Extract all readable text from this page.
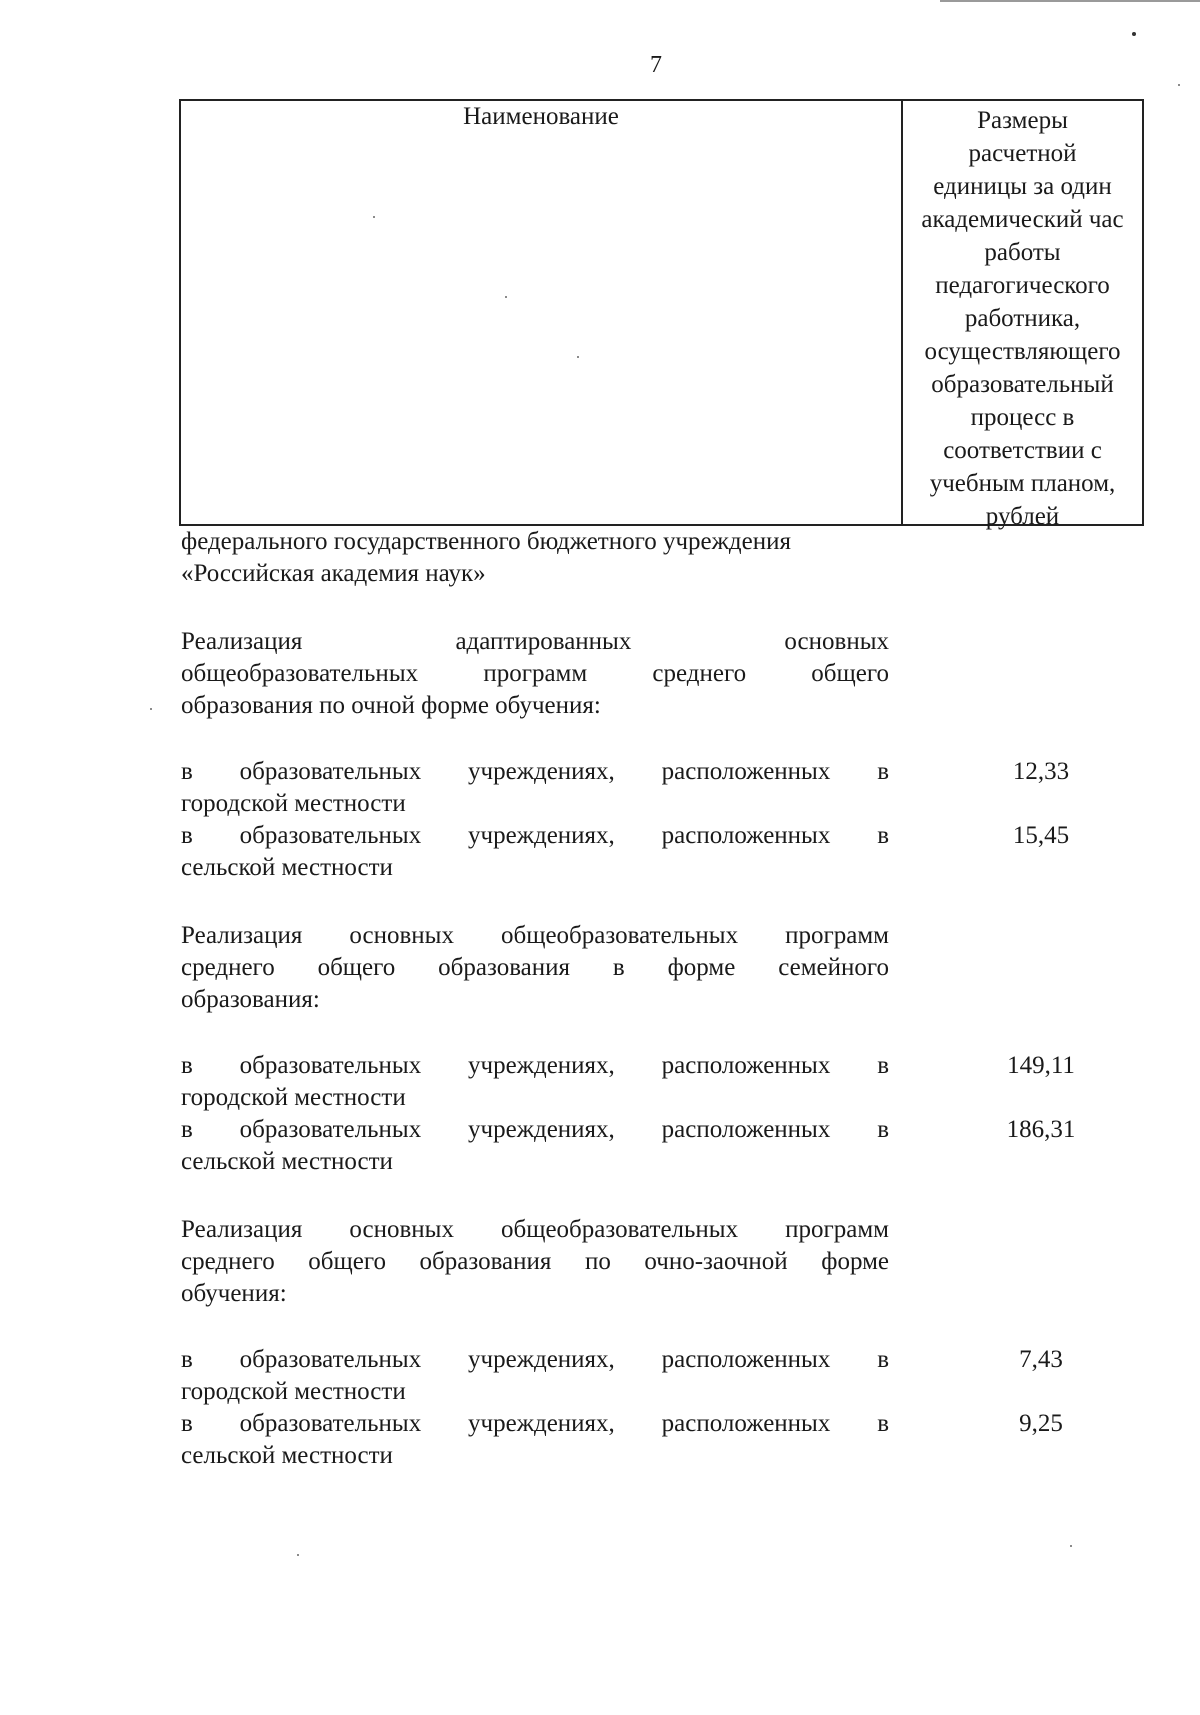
7
Наименование	Размеры
расчетной
единицы за один
академический час
работы
педагогического
работника,
осуществляющего
образовательный
процесс в
соответствии с
учебным планом,
рублей
федерального государственного бюджетного учреждения
«Российская академия наук»
Реализация адаптированных основных
общеобразовательных программ среднего общего
образования по очной форме обучения:
в образовательных учреждениях, расположенных в
городской местности
12,33
в образовательных учреждениях, расположенных в
сельской местности
15,45
Реализация основных общеобразовательных программ
среднего общего образования в форме семейного
образования:
в образовательных учреждениях, расположенных в
городской местности
149,11
в образовательных учреждениях, расположенных в
сельской местности
186,31
Реализация основных общеобразовательных программ
среднего общего образования по очно-заочной форме
обучения:
в образовательных учреждениях, расположенных в
городской местности
7,43
в образовательных учреждениях, расположенных в
сельской местности
9,25
